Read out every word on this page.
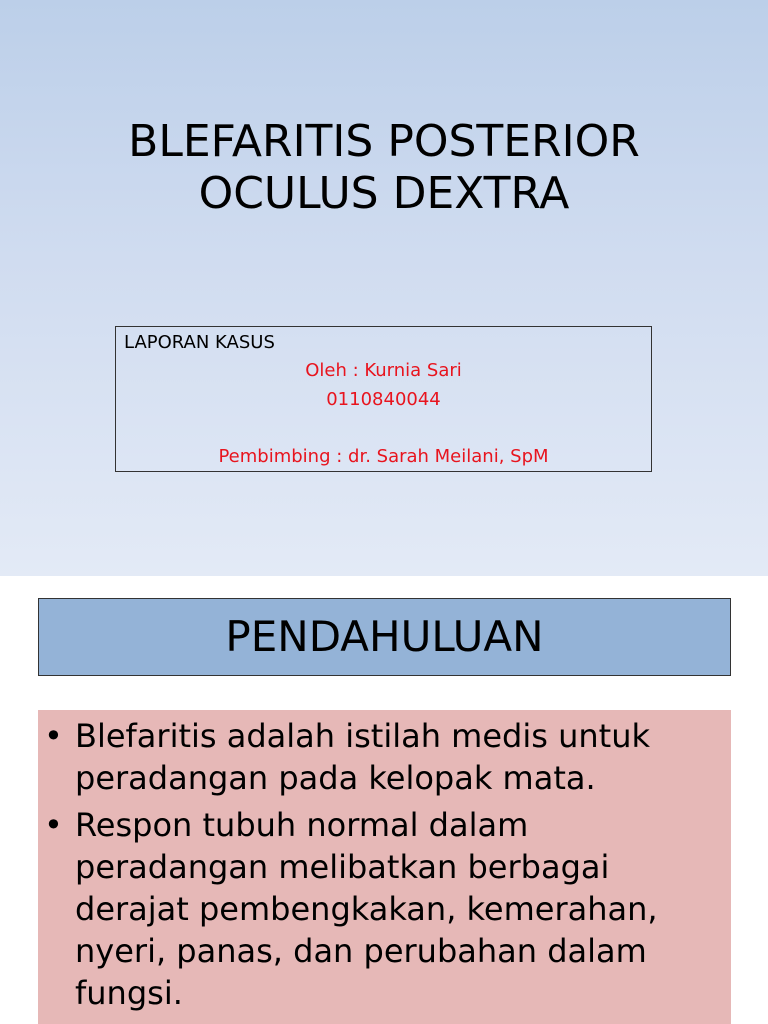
BLEFARITIS POSTERIOR
OCULUS DEXTRA
LAPORAN KASUS
Oleh : Kurnia Sari
0110840044
Pembimbing : dr. Sarah Meilani, SpM
PENDAHULUAN
• Blefaritis adalah istilah medis untuk peradangan pada kelopak mata.
• Respon tubuh normal dalam peradangan melibatkan berbagai derajat pembengkakan, kemerahan, nyeri, panas, dan perubahan dalam fungsi.
